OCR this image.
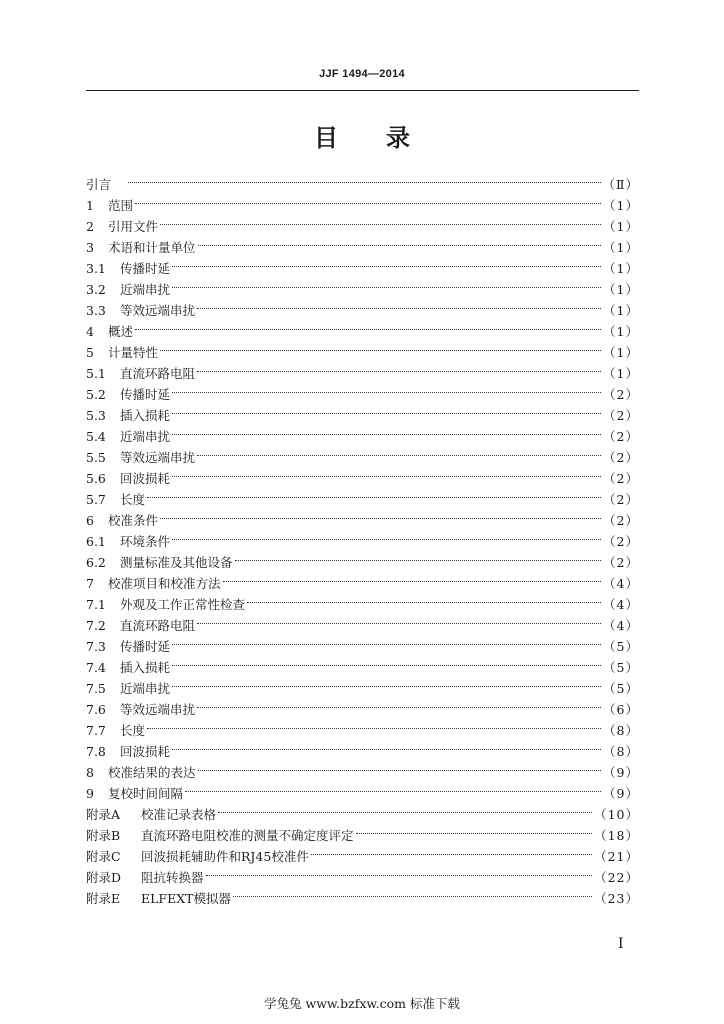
JJF 1494—2014
目 录
引言	（Ⅱ）
1	范围	（1）
2	引用文件	（1）
3	术语和计量单位	（1）
3.1	传播时延	（1）
3.2	近端串扰	（1）
3.3	等效远端串扰	（1）
4	概述	（1）
5	计量特性	（1）
5.1	直流环路电阻	（1）
5.2	传播时延	（2）
5.3	插入损耗	（2）
5.4	近端串扰	（2）
5.5	等效远端串扰	（2）
5.6	回波损耗	（2）
5.7	长度	（2）
6	校准条件	（2）
6.1	环境条件	（2）
6.2	测量标准及其他设备	（2）
7	校准项目和校准方法	（4）
7.1	外观及工作正常性检查	（4）
7.2	直流环路电阻	（4）
7.3	传播时延	（5）
7.4	插入损耗	（5）
7.5	近端串扰	（5）
7.6	等效远端串扰	（6）
7.7	长度	（8）
7.8	回波损耗	（8）
8	校准结果的表达	（9）
9	复校时间间隔	（9）
附录A	校准记录表格	（10）
附录B	直流环路电阻校准的测量不确定度评定	（18）
附录C	回波损耗辅助件和RJ45校准件	（21）
附录D	阻抗转换器	（22）
附录E	ELFEXT模拟器	（23）
I
学兔兔 www.bzfxw.com 标准下载
